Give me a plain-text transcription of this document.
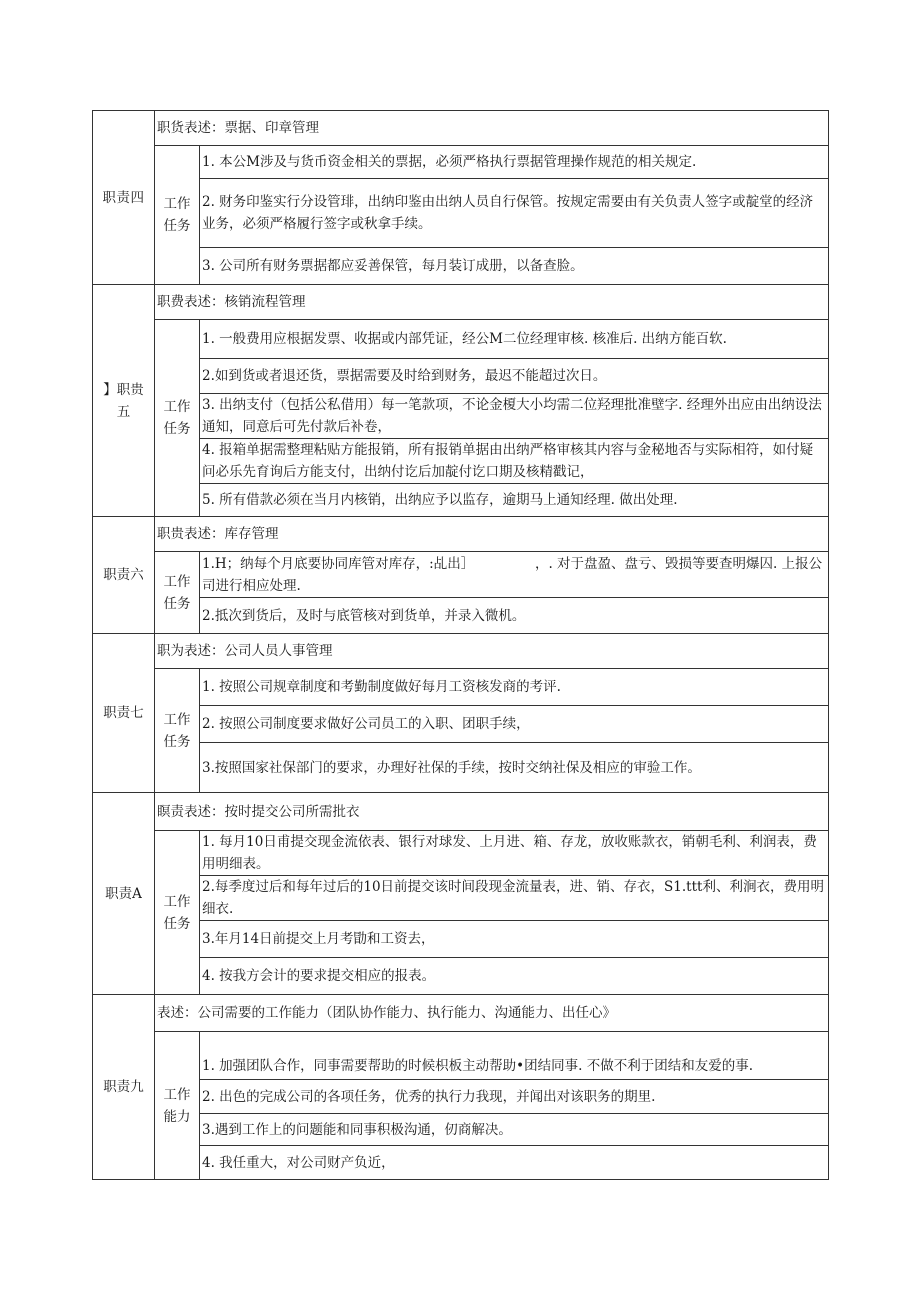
职责四	职货表述：票据、印章管理	

	工作
任务	1. 本公M涉及与货币资金相关的票据，必须严格执行票据管理操作规范的相关规定.
		2. 财务印鉴实行分设管琲，出纳印鉴由出纳人员自行保管。按规定需要由有关负责人签字或靛堂的经济业务，必须严格履行签字或秋拿手续。
		3. 公司所有财务票据都应妥善保管，每月装订成册，以备查脸。

】职贵五	职费表述：核销流程管理	

	工作
任务	1. 一般费用应根据发票、收据或内部凭证，经公M二位经理审核. 核准后. 出纳方能百软.
		2.如到货或者退还货，票据需要及时给到财务，最迟不能超过次日。
		3. 出纳支付（包括公私借用）每一笔款项，不论金榎大小均需二位羟理批准壁字. 经理外出应由出纳设法通知，同意后可先付款后补卷，
		4. 报箱单据需整理粘贴方能报销，所有报销单据由出纳严格审核其内容与金秘地否与实际相符，如付疑问必乐先育询后方能支付，出纳付讫后加靛付讫口期及核精戳记，
		5. 所有借款必须在当月内核销，出纳应予以监存，逾期马上通知经理. 做出处理.
职责六	职贵表述：库存管理	

	工作
任务	1.H；纳每个月底要协同库管对库存，:乩出］　　　　　，. 对于盘盈、盘亏、毁损等要查明爆囚. 上报公司进行相应处理.
		2.抵次到货后，及时与底管核对到货单，并录入微机。
职责七	职为表述：公司人员人事管理	

	工作
任务	1. 按照公司规章制度和考勤制度做好每月工资核发商的考评.
		2. 按照公司制度要求做好公司员工的入职、团职手续，
		3.按照国家社保部门的要求，办理好社保的手续，按时交纳社保及相应的审验工作。
职责A	瞑责表述：按时提交公司所需批衣	

	工作
任务	1. 每月10日甫提交现金流依表、银行对球发、上月进、箱、存龙，放收账款衣，销朝毛利、利润表，费用明细表。
		2.每季度过后和每年过后的10日前提交该时间段现金流量表，进、销、存衣，S1.ttt利、利涧衣，费用明细衣.
		3.年月14日前提交上月考勖和工资去，
		4. 按我方会计的要求提交相应的报表。
职责九	表述：公司需要的工作能力（团队协作能力、执行能力、沟通能力、出任心》	

	工作
能力	1. 加强团队合作，同事需要帮助的时候枳板主动帮助•团结同事. 不做不利于团结和友爱的事.
		2. 出色的完成公司的各项任务，优秀的执行力我现，并闻出对该职务的期里.
		3.遇到工作上的问题能和同事积极沟通，仞商解决。
		4. 我任重大，对公司财产负近，
